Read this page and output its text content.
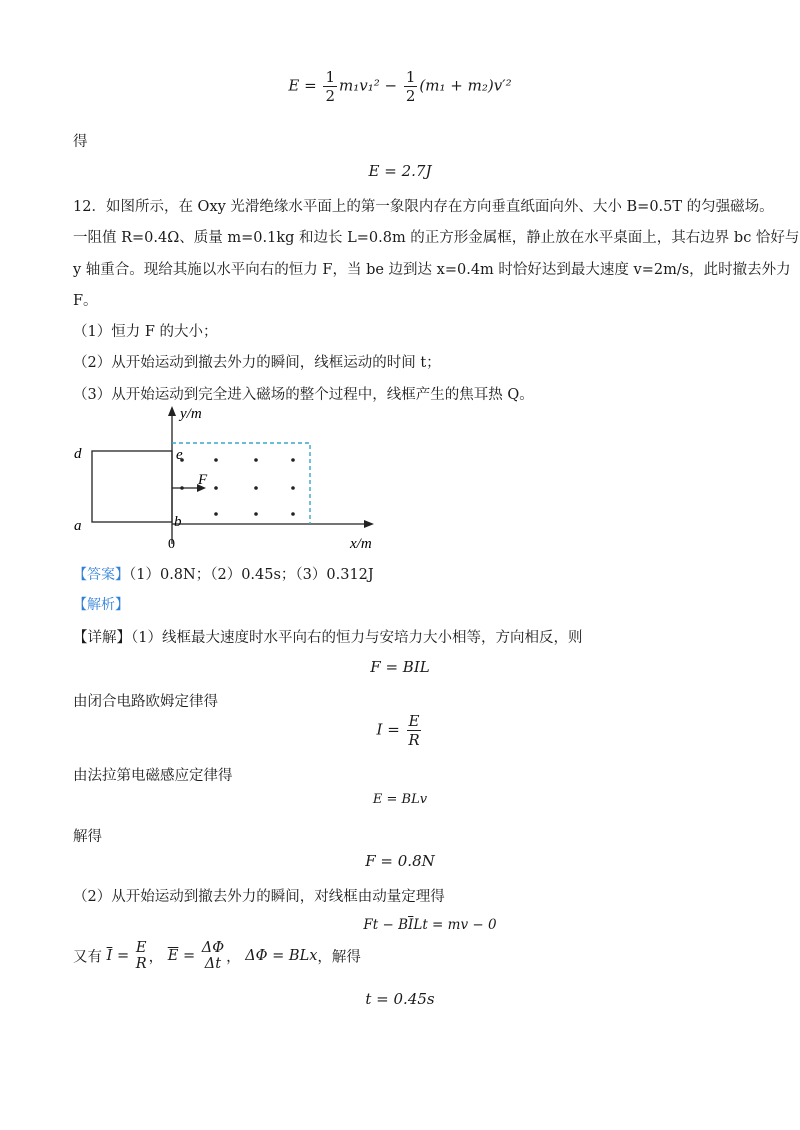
$E = \frac{1}{2} m_1v_1^2 - \frac{1}{2} (m_1 + m_2)v'^2$
得
E = 2.7J
12．如图所示，在 Oxy 光滑绝缘水平面上的第一象限内存在方向垂直纸面向外、大小 B=0.5T 的匀强磁场。
一阻值 R=0.4Ω、质量 m=0.1kg 和边长 L=0.8m 的正方形金属框，静止放在水平桌面上，其右边界 bc 恰好与
y 轴重合。现给其施以水平向右的恒力 F，当 be 边到达 x=0.4m 时恰好达到最大速度 v=2m/s，此时撤去外力
F。
（1）恒力 F 的大小；
（2）从开始运动到撤去外力的瞬间，线框运动的时间 t；
（3）从开始运动到完全进入磁场的整个过程中，线框产生的焦耳热 Q。
y/m
x/m
0
d
a
e
b
F
【答案】（1）0.8N；（2）0.45s；（3）0.312J
【解析】
【详解】（1）线框最大速度时水平向右的恒力与安培力大小相等，方向相反，则
F = BIL
由闭合电路欧姆定律得
$I = \frac{E}{R}$
由法拉第电磁感应定律得
E = BLv
解得
F = 0.8N
（2）从开始运动到撤去外力的瞬间，对线框由动量定理得
$Ft - B\overline{I}Lt$ = mv − 0
又有 $\overline{I} = E$
R ， $\overline{E} = \Delta\Phi$
Δt ， ΔΦ = BLx，解得
t = 0.45s
